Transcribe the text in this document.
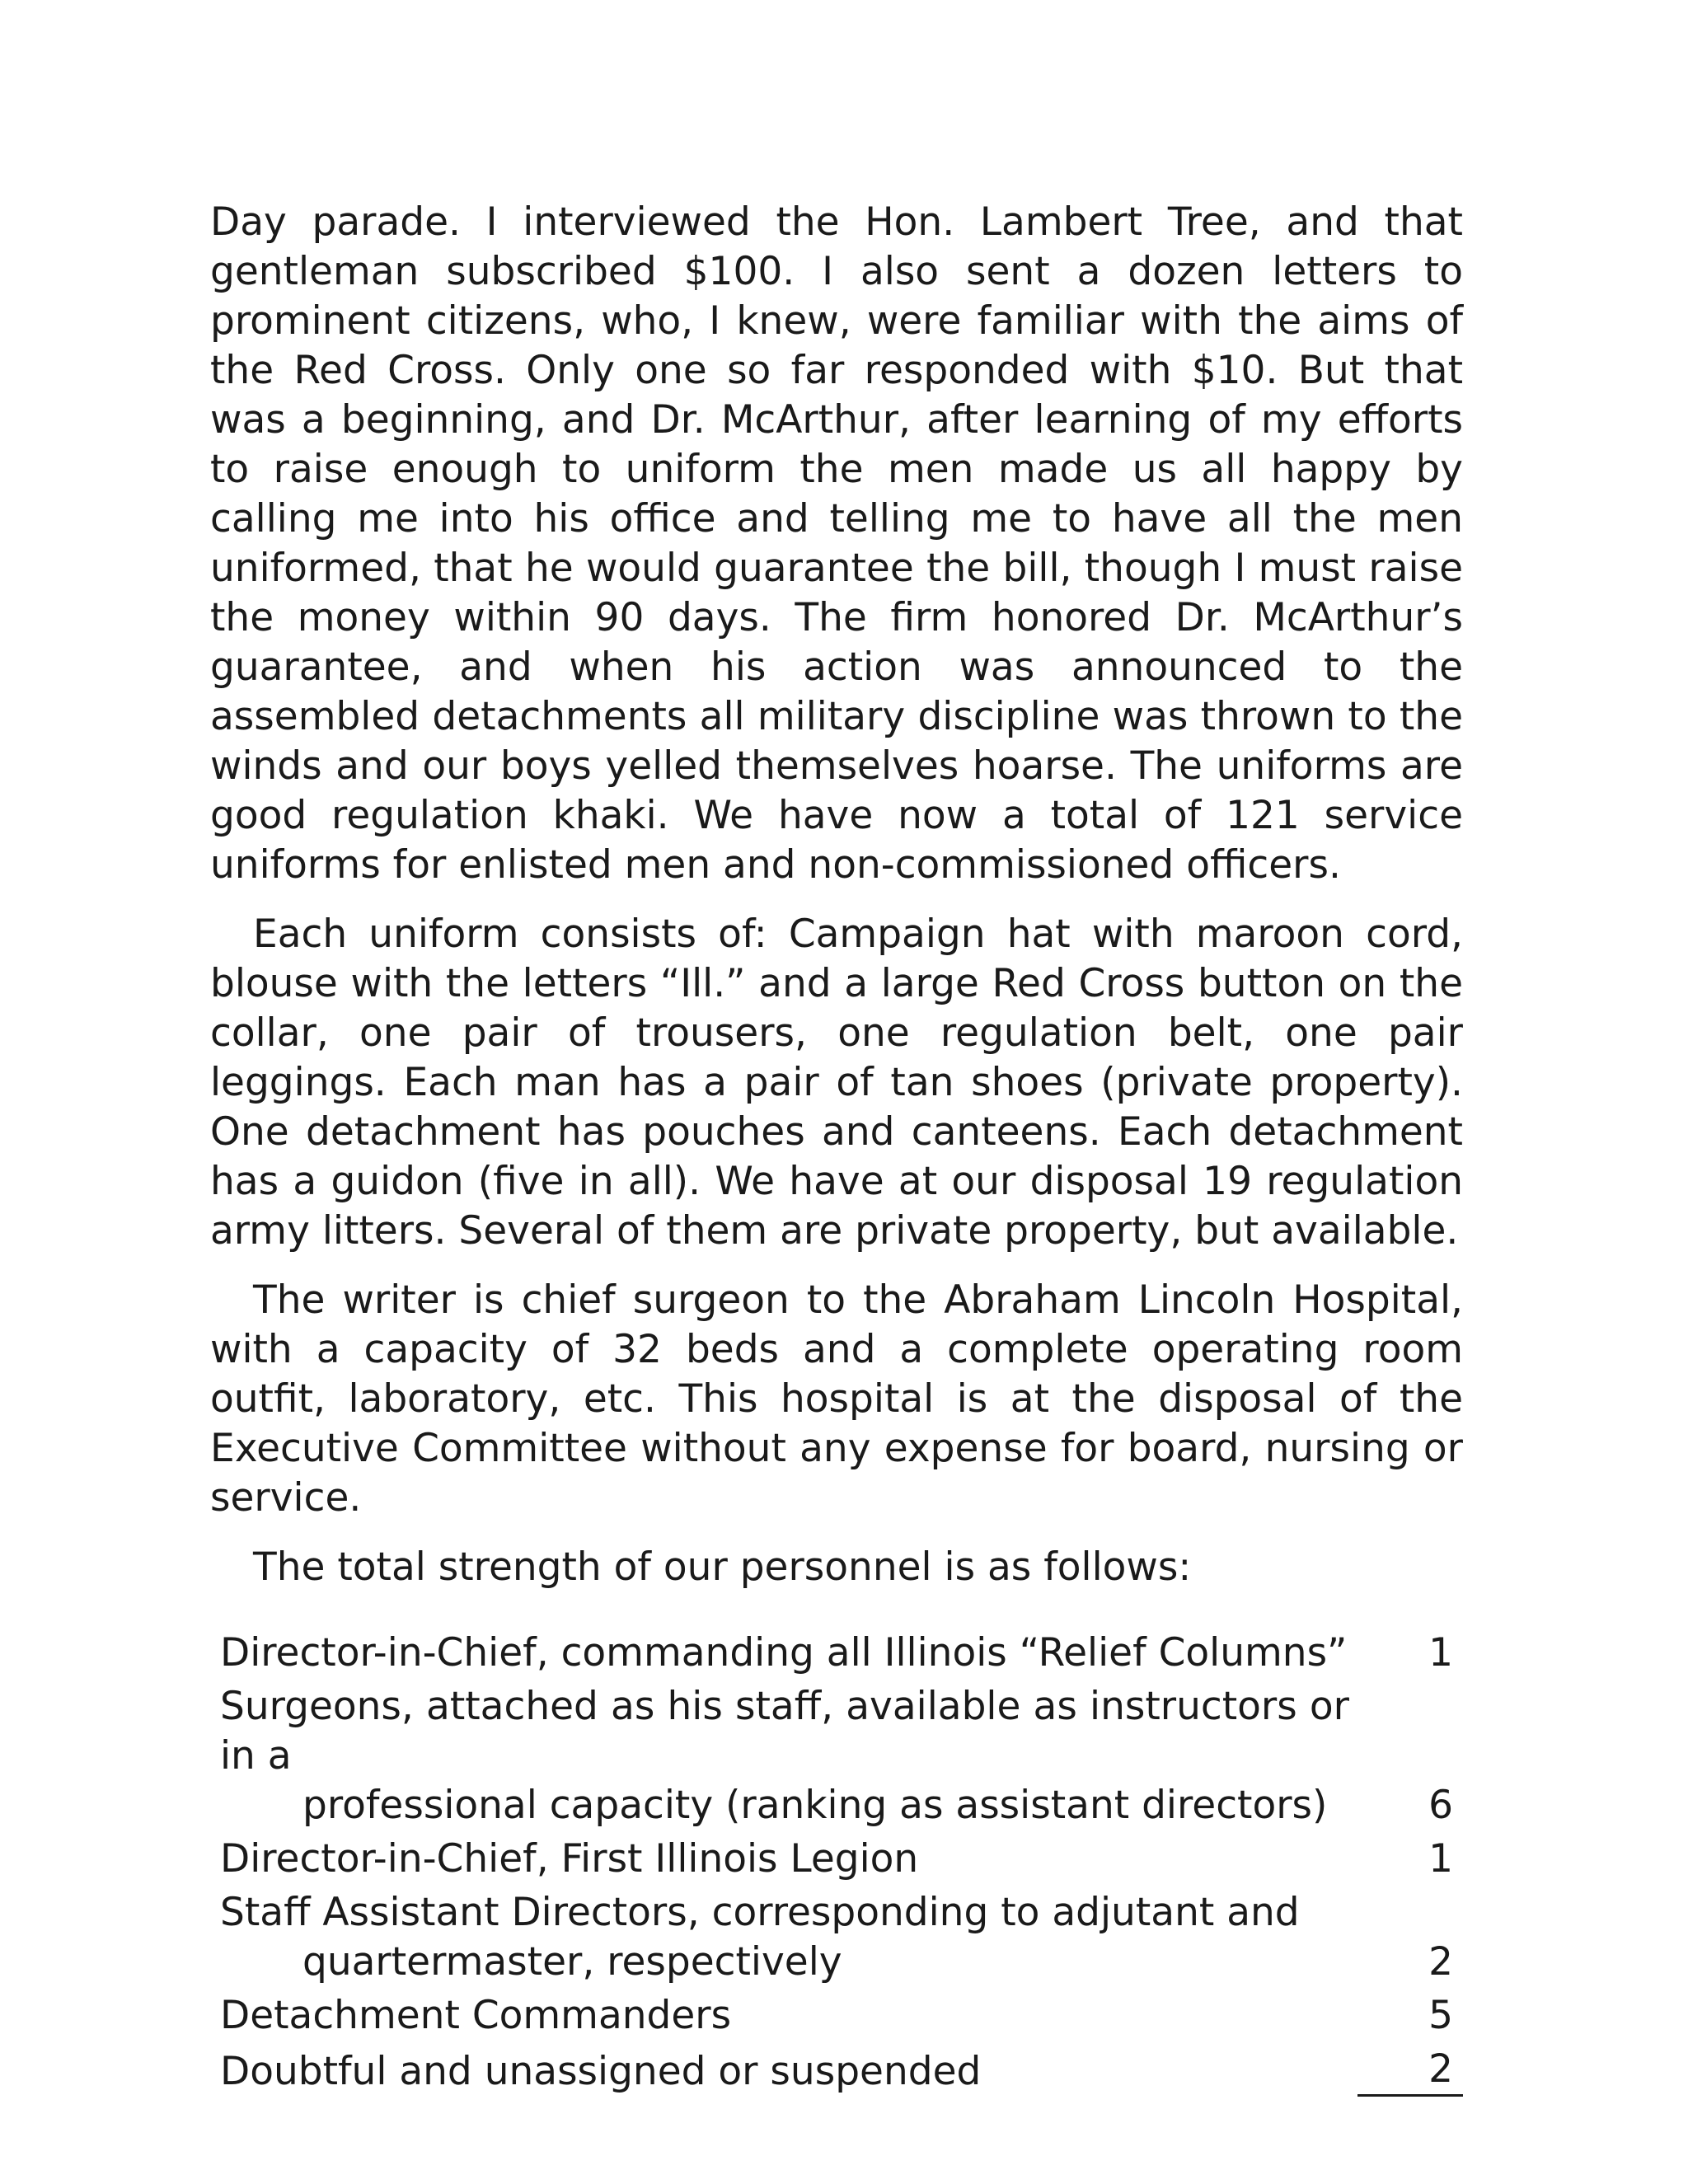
Day parade. I interviewed the Hon. Lambert Tree, and that gentleman subscribed $100. I also sent a dozen letters to prominent citizens, who, I knew, were familiar with the aims of the Red Cross. Only one so far responded with $10. But that was a beginning, and Dr. McArthur, after learning of my efforts to raise enough to uniform the men made us all happy by calling me into his office and telling me to have all the men uniformed, that he would guarantee the bill, though I must raise the money within 90 days. The firm honored Dr. McArthur’s guarantee, and when his action was announced to the assembled detachments all military discipline was thrown to the winds and our boys yelled themselves hoarse. The uniforms are good regulation khaki. We have now a total of 121 service uniforms for enlisted men and non-commissioned officers.

Each uniform consists of: Campaign hat with maroon cord, blouse with the letters “Ill.” and a large Red Cross button on the collar, one pair of trousers, one regulation belt, one pair leggings. Each man has a pair of tan shoes (private property). One detachment has pouches and canteens. Each detachment has a guidon (five in all). We have at our disposal 19 regulation army litters. Several of them are private property, but available.

The writer is chief surgeon to the Abraham Lincoln Hospital, with a capacity of 32 beds and a complete operating room outfit, laboratory, etc. This hospital is at the disposal of the Executive Committee without any expense for board, nursing or service.

The total strength of our personnel is as follows:

Director-in-Chief, commanding all Illinois “Relief Columns”	1
Surgeons, attached as his staff, available as instructors or in a
professional capacity (ranking as assistant directors)	6
Director-in-Chief, First Illinois Legion	1
Staff Assistant Directors, corresponding to adjutant and
quartermaster, respectively	2
Detachment Commanders	5
Doubtful and unassigned or suspended	2
